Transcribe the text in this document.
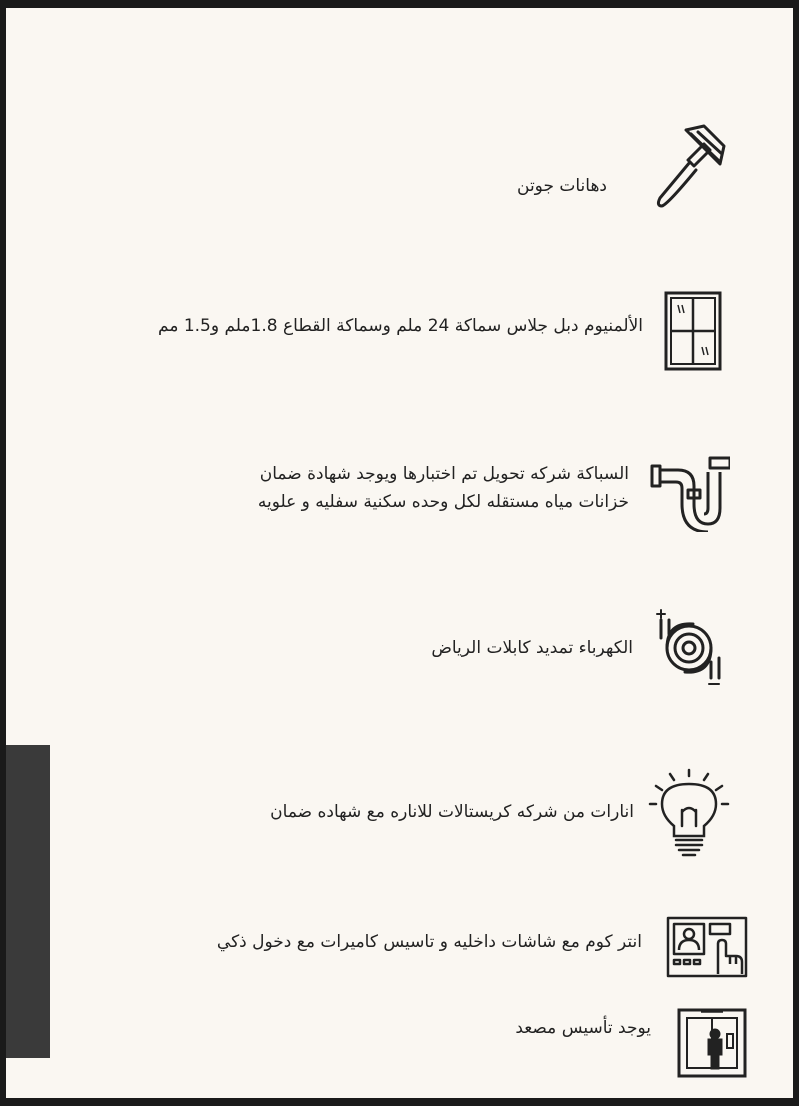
دهانات جوتن
الألمنيوم دبل جلاس سماكة 24 ملم وسماكة القطاع 1.8ملم و1.5 مم
السباكة شركه تحويل تم اختبارها ويوجد شهادة ضمان
خزانات مياه مستقله لكل وحده سكنية سفليه و علويه
الكهرباء تمديد كابلات الرياض
انارات من شركه كريستالات للاناره مع شهاده ضمان
انتر كوم مع شاشات داخليه و تاسيس كاميرات مع دخول ذكي
يوجد تأسيس مصعد
